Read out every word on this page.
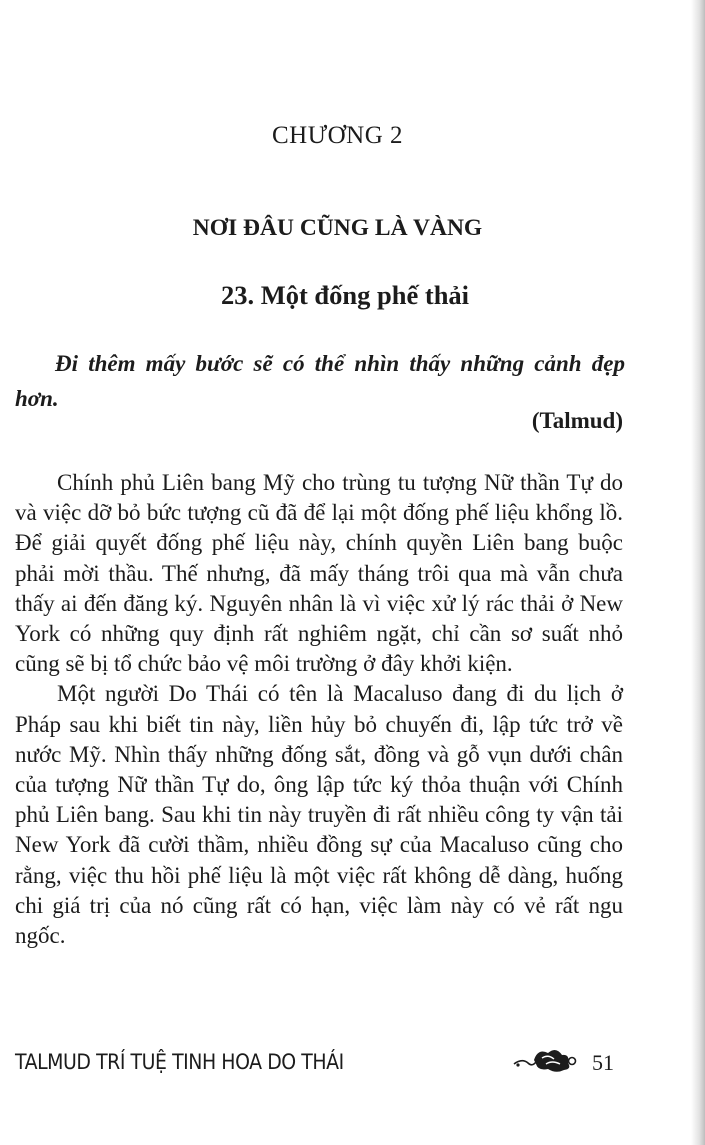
CHƯƠNG 2
NƠI ĐÂU CŨNG LÀ VÀNG
23. Một đống phế thải
Đi thêm mấy bước sẽ có thể nhìn thấy những cảnh đẹp hơn.
(Talmud)

Chính phủ Liên bang Mỹ cho trùng tu tượng Nữ thần Tự do và việc dỡ bỏ bức tượng cũ đã để lại một đống phế liệu khổng lồ. Để giải quyết đống phế liệu này, chính quyền Liên bang buộc phải mời thầu. Thế nhưng, đã mấy tháng trôi qua mà vẫn chưa thấy ai đến đăng ký. Nguyên nhân là vì việc xử lý rác thải ở New York có những quy định rất nghiêm ngặt, chỉ cần sơ suất nhỏ cũng sẽ bị tổ chức bảo vệ môi trường ở đây khởi kiện.

Một người Do Thái có tên là Macaluso đang đi du lịch ở Pháp sau khi biết tin này, liền hủy bỏ chuyến đi, lập tức trở về nước Mỹ. Nhìn thấy những đống sắt, đồng và gỗ vụn dưới chân của tượng Nữ thần Tự do, ông lập tức ký thỏa thuận với Chính phủ Liên bang. Sau khi tin này truyền đi rất nhiều công ty vận tải New York đã cười thầm, nhiều đồng sự của Macaluso cũng cho rằng, việc thu hồi phế liệu là một việc rất không dễ dàng, huống chi giá trị của nó cũng rất có hạn, việc làm này có vẻ rất ngu ngốc.

TALMUD TRÍ TUỆ TINH HOA DO THÁI	51
